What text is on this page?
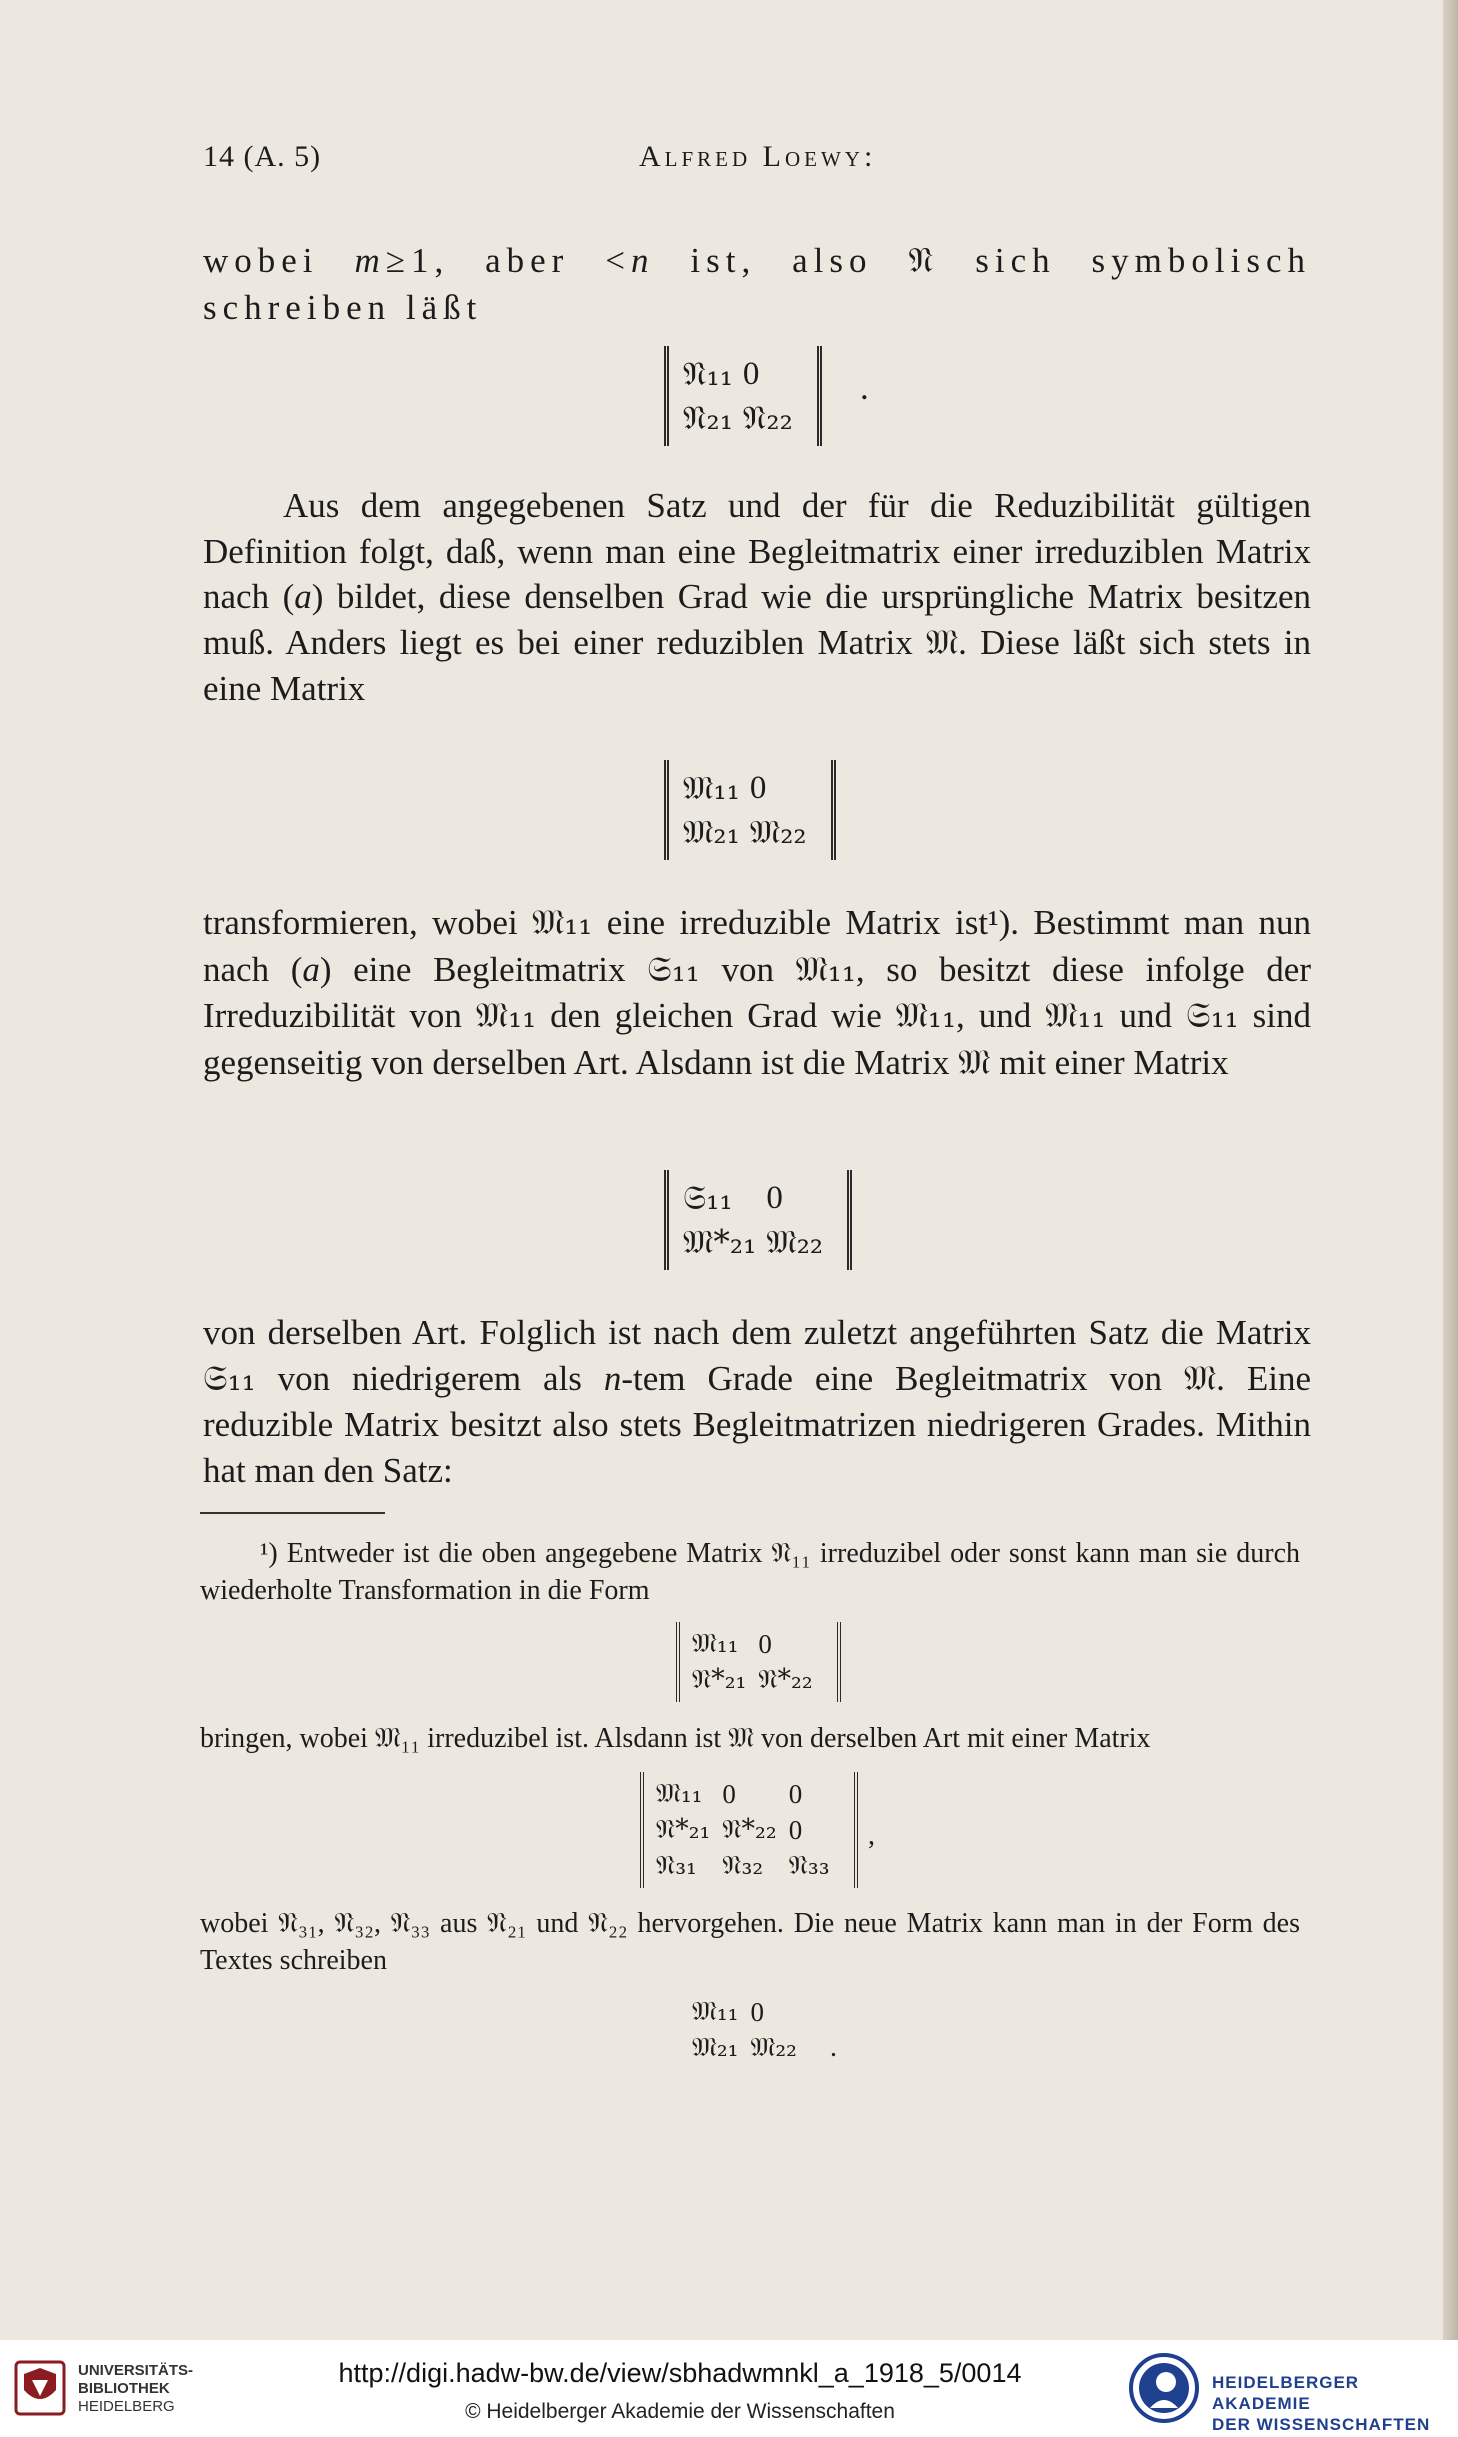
14 (A. 5)	Alfred Loewy:

wobei m≥1, aber <n ist, also 𝔑 sich symbolisch schreiben läßt

𝔑₁₁	0
𝔑₂₁	𝔑₂₂
.

Aus dem angegebenen Satz und der für die Reduzibilität gültigen Definition folgt, daß, wenn man eine Begleitmatrix einer irreduziblen Matrix nach (a) bildet, diese denselben Grad wie die ursprüngliche Matrix besitzen muß. Anders liegt es bei einer reduziblen Matrix 𝔐. Diese läßt sich stets in eine Matrix

𝔐₁₁	0
𝔐₂₁	𝔐₂₂

transformieren, wobei 𝔐₁₁ eine irreduzible Matrix ist¹). Bestimmt man nun nach (a) eine Begleitmatrix 𝔖₁₁ von 𝔐₁₁, so besitzt diese infolge der Irreduzibilität von 𝔐₁₁ den gleichen Grad wie 𝔐₁₁, und 𝔐₁₁ und 𝔖₁₁ sind gegenseitig von derselben Art. Alsdann ist die Matrix 𝔐 mit einer Matrix

𝔖₁₁	0
𝔐*₂₁	𝔐₂₂

von derselben Art. Folglich ist nach dem zuletzt angeführten Satz die Matrix 𝔖₁₁ von niedrigerem als n-tem Grade eine Begleitmatrix von 𝔐. Eine reduzible Matrix besitzt also stets Begleitmatrizen niedrigeren Grades. Mithin hat man den Satz:

¹) Entweder ist die oben angegebene Matrix 𝔑₁₁ irreduzibel oder sonst kann man sie durch wiederholte Transformation in die Form

𝔐₁₁	0
𝔑*₂₁	𝔑*₂₂

bringen, wobei 𝔐₁₁ irreduzibel ist. Alsdann ist 𝔐 von derselben Art mit einer Matrix

𝔐₁₁	0	0
𝔑*₂₁	𝔑*₂₂	0
𝔑₃₁	𝔑₃₂	𝔑₃₃
,

wobei 𝔑₃₁, 𝔑₃₂, 𝔑₃₃ aus 𝔑₂₁ und 𝔑₂₂ hervorgehen. Die neue Matrix kann man in der Form des Textes schreiben

𝔐₁₁	0
𝔐₂₁	𝔐₂₂ .
UNIVERSITÄTS-
BIBLIOTHEK
HEIDELBERG
http://digi.hadw-bw.de/view/sbhadwmnkl_a_1918_5/0014
© Heidelberger Akademie der Wissenschaften
HEIDELBERGER AKADEMIE
DER WISSENSCHAFTEN
